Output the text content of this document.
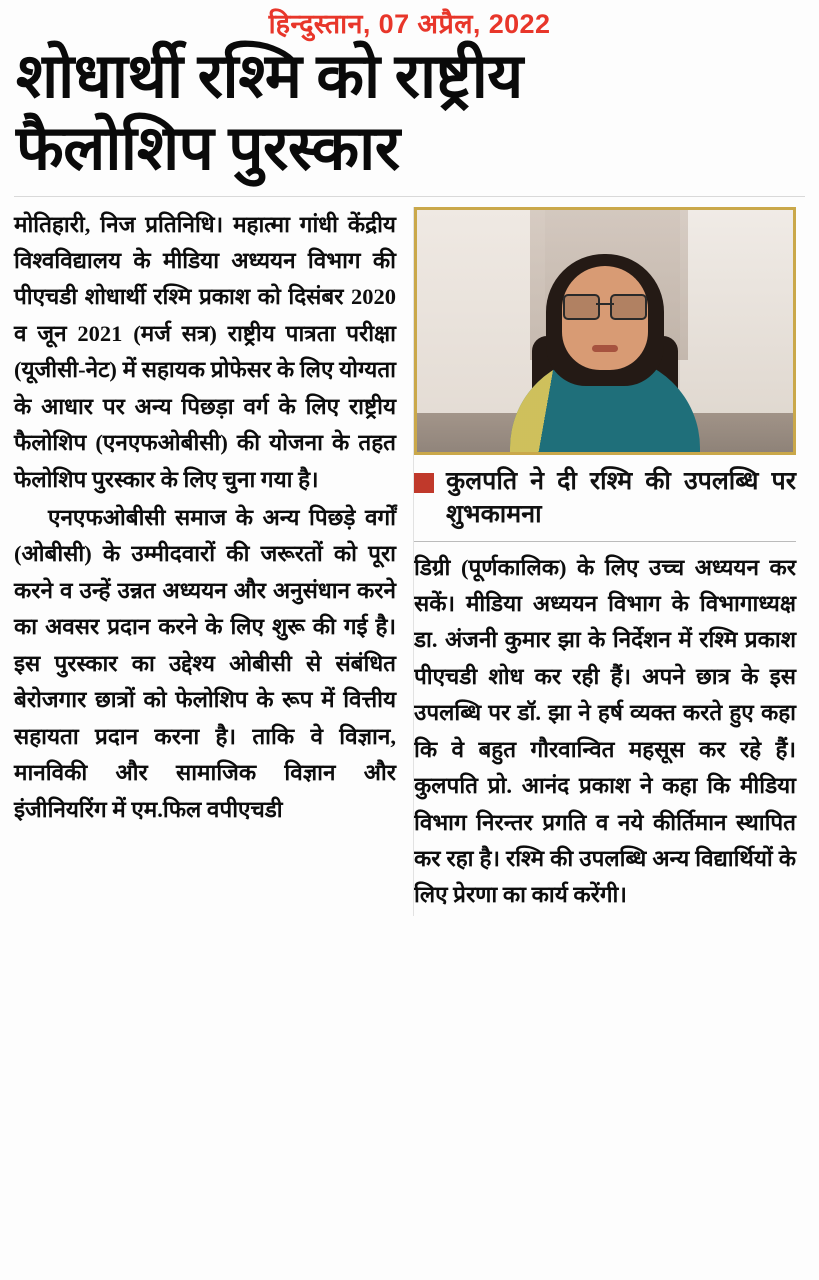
हिन्दुस्तान, 07 अप्रैल, 2022
शोधार्थी रश्मि को राष्ट्रीय
फैलोशिप पुरस्कार

मोतिहारी, निज प्रतिनिधि। महात्मा गांधी केंद्रीय विश्वविद्यालय के मीडिया अध्ययन विभाग की पीएचडी शोधार्थी रश्मि प्रकाश को दिसंबर 2020 व जून 2021 (मर्ज सत्र) राष्ट्रीय पात्रता परीक्षा (यूजीसी-नेट) में सहायक प्रोफेसर के लिए योग्यता के आधार पर अन्य पिछड़ा वर्ग के लिए राष्ट्रीय फैलोशिप (एनएफओबीसी) की योजना के तहत फेलोशिप पुरस्कार के लिए चुना गया है।

एनएफओबीसी समाज के अन्य पिछड़े वर्गों (ओबीसी) के उम्मीदवारों की जरूरतों को पूरा करने व उन्हें उन्नत अध्ययन और अनुसंधान करने का अवसर प्रदान करने के लिए शुरू की गई है। इस पुरस्कार का उद्देश्य ओबीसी से संबंधित बेरोजगार छात्रों को फेलोशिप के रूप में वित्तीय सहायता प्रदान करना है। ताकि वे विज्ञान, मानविकी और सामाजिक विज्ञान और इंजीनियरिंग में एम.फिल वपीएचडी

कुलपति ने दी रश्मि की उपलब्धि पर शुभकामना

डिग्री (पूर्णकालिक) के लिए उच्च अध्ययन कर सकें। मीडिया अध्ययन विभाग के विभागाध्यक्ष डा. अंजनी कुमार झा के निर्देशन में रश्मि प्रकाश पीएचडी शोध कर रही हैं। अपने छात्र के इस उपलब्धि पर डॉ. झा ने हर्ष व्यक्त करते हुए कहा कि वे बहुत गौरवान्वित महसूस कर रहे हैं। कुलपति प्रो. आनंद प्रकाश ने कहा कि मीडिया विभाग निरन्तर प्रगति व नये कीर्तिमान स्थापित कर रहा है। रश्मि की उपलब्धि अन्य विद्यार्थियों के लिए प्रेरणा का कार्य करेंगी।
